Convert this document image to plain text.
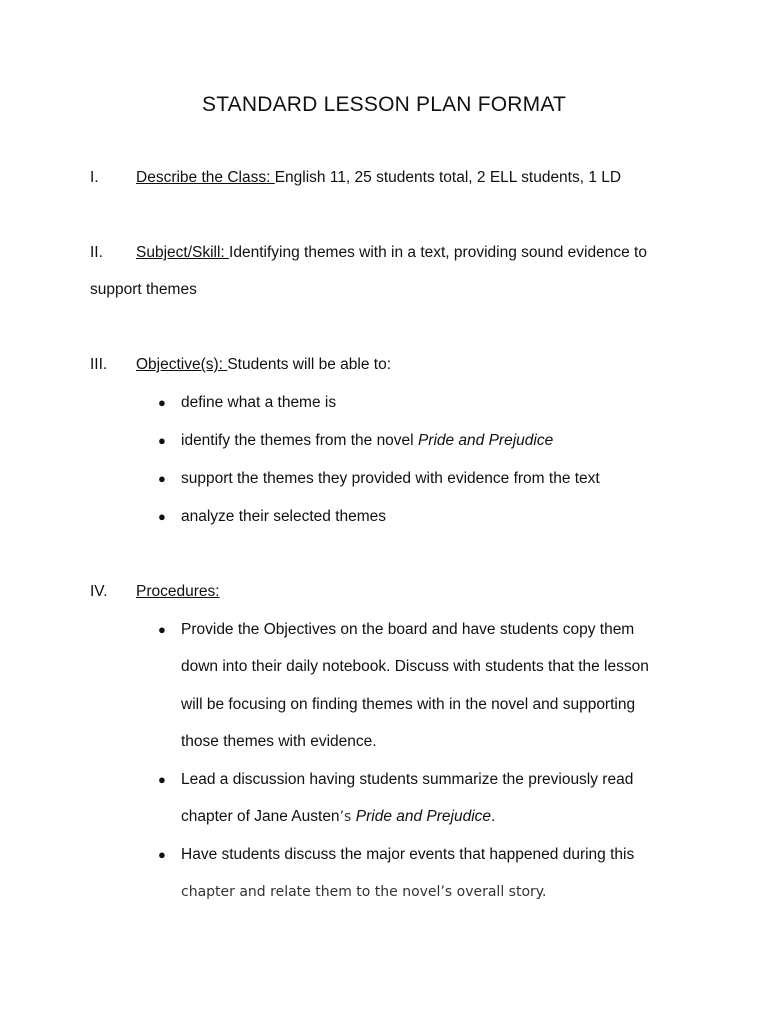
STANDARD LESSON PLAN FORMAT
I. Describe the Class: English 11, 25 students total, 2 ELL students, 1 LD
II. Subject/Skill: Identifying themes with in a text, providing sound evidence to
support themes
III. Objective(s): Students will be able to:
● define what a theme is
● identify the themes from the novel Pride and Prejudice
● support the themes they provided with evidence from the text
● analyze their selected themes
IV. Procedures:
● Provide the Objectives on the board and have students copy them
down into their daily notebook. Discuss with students that the lesson
will be focusing on finding themes with in the novel and supporting
those themes with evidence.
● Lead a discussion having students summarize the previously read
chapter of Jane Austen’s Pride and Prejudice.
● Have students discuss the major events that happened during this
chapter and relate them to the novel’s overall story.
